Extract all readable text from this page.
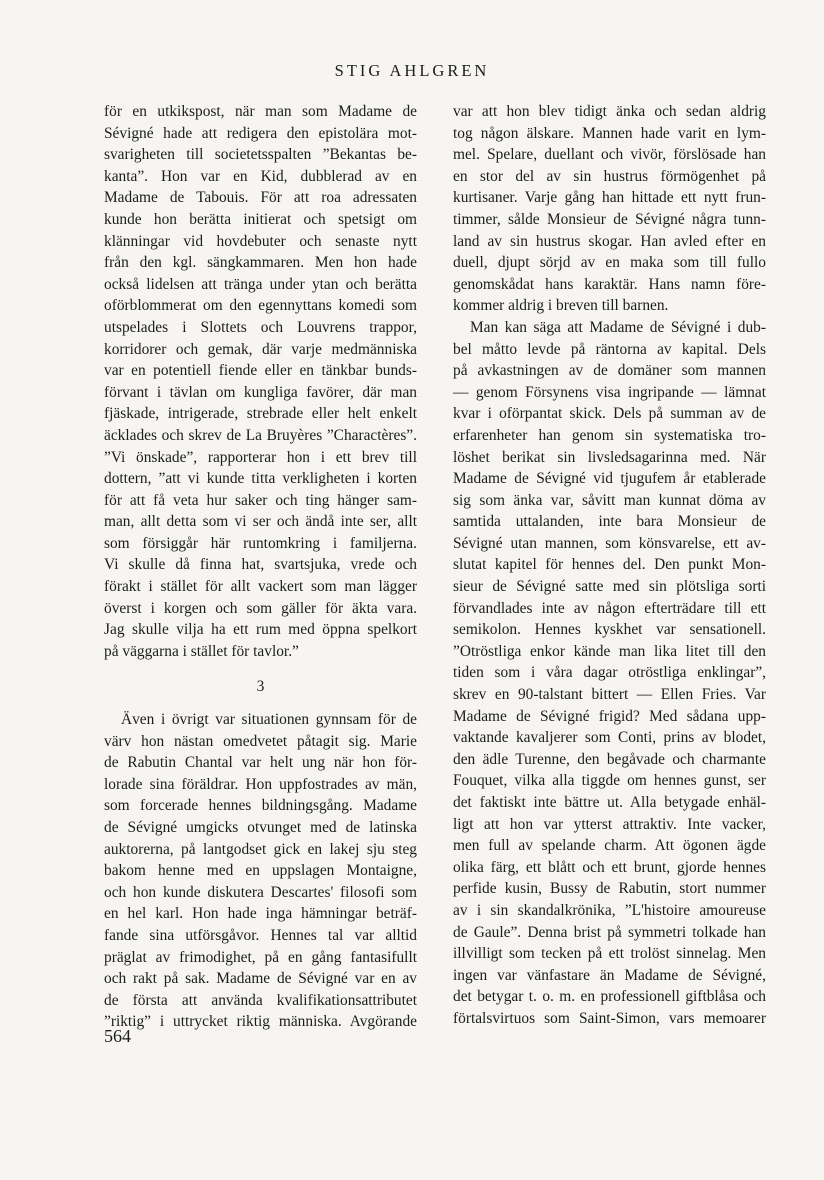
STIG AHLGREN
för en utkikspost, när man som Madame de
Sévigné hade att redigera den epistolära mot-
svarigheten till societetsspalten ”Bekantas be-
kanta”. Hon var en Kid, dubblerad av en
Madame de Tabouis. För att roa adressaten
kunde hon berätta initierat och spetsigt om
klänningar vid hovdebuter och senaste nytt
från den kgl. sängkammaren. Men hon hade
också lidelsen att tränga under ytan och berätta
oförblommerat om den egennyttans komedi som
utspelades i Slottets och Louvrens trappor,
korridorer och gemak, där varje medmänniska
var en potentiell fiende eller en tänkbar bunds-
förvant i tävlan om kungliga favörer, där man
fjäskade, intrigerade, strebrade eller helt enkelt
äcklades och skrev de La Bruyères ”Charactères”.
”Vi önskade”, rapporterar hon i ett brev till
dottern, ”att vi kunde titta verkligheten i korten
för att få veta hur saker och ting hänger sam-
man, allt detta som vi ser och ändå inte ser, allt
som försiggår här runtomkring i familjerna.
Vi skulle då finna hat, svartsjuka, vrede och
förakt i stället för allt vackert som man lägger
överst i korgen och som gäller för äkta vara.
Jag skulle vilja ha ett rum med öppna spelkort
på väggarna i stället för tavlor.”
3
Även i övrigt var situationen gynnsam för de
värv hon nästan omedvetet påtagit sig. Marie
de Rabutin Chantal var helt ung när hon för-
lorade sina föräldrar. Hon uppfostrades av män,
som forcerade hennes bildningsgång. Madame
de Sévigné umgicks otvunget med de latinska
auktorerna, på lantgodset gick en lakej sju steg
bakom henne med en uppslagen Montaigne,
och hon kunde diskutera Descartes' filosofi som
en hel karl. Hon hade inga hämningar beträf-
fande sina utförsgåvor. Hennes tal var alltid
präglat av frimodighet, på en gång fantasifullt
och rakt på sak. Madame de Sévigné var en av
de första att använda kvalifikationsattributet
”riktig” i uttrycket riktig människa. Avgörande
var att hon blev tidigt änka och sedan aldrig
tog någon älskare. Mannen hade varit en lym-
mel. Spelare, duellant och vivör, förslösade han
en stor del av sin hustrus förmögenhet på
kurtisaner. Varje gång han hittade ett nytt frun-
timmer, sålde Monsieur de Sévigné några tunn-
land av sin hustrus skogar. Han avled efter en
duell, djupt sörjd av en maka som till fullo
genomskådat hans karaktär. Hans namn före-
kommer aldrig i breven till barnen.
Man kan säga att Madame de Sévigné i dub-
bel måtto levde på räntorna av kapital. Dels
på avkastningen av de domäner som mannen
— genom Försynens visa ingripande — lämnat
kvar i oförpantat skick. Dels på summan av de
erfarenheter han genom sin systematiska tro-
löshet berikat sin livsledsagarinna med. När
Madame de Sévigné vid tjugufem år etablerade
sig som änka var, såvitt man kunnat döma av
samtida uttalanden, inte bara Monsieur de
Sévigné utan mannen, som könsvarelse, ett av-
slutat kapitel för hennes del. Den punkt Mon-
sieur de Sévigné satte med sin plötsliga sorti
förvandlades inte av någon efterträdare till ett
semikolon. Hennes kyskhet var sensationell.
”Otröstliga enkor kände man lika litet till den
tiden som i våra dagar otröstliga enklingar”,
skrev en 90-talstant bittert — Ellen Fries. Var
Madame de Sévigné frigid? Med sådana upp-
vaktande kavaljerer som Conti, prins av blodet,
den ädle Turenne, den begåvade och charmante
Fouquet, vilka alla tiggde om hennes gunst, ser
det faktiskt inte bättre ut. Alla betygade enhäl-
ligt att hon var ytterst attraktiv. Inte vacker,
men full av spelande charm. Att ögonen ägde
olika färg, ett blått och ett brunt, gjorde hennes
perfide kusin, Bussy de Rabutin, stort nummer
av i sin skandalkrönika, ”L'histoire amoureuse
de Gaule”. Denna brist på symmetri tolkade han
illvilligt som tecken på ett trolöst sinnelag. Men
ingen var vänfastare än Madame de Sévigné,
det betygar t. o. m. en professionell giftblåsa och
förtalsvirtuos som Saint-Simon, vars memoarer
564
